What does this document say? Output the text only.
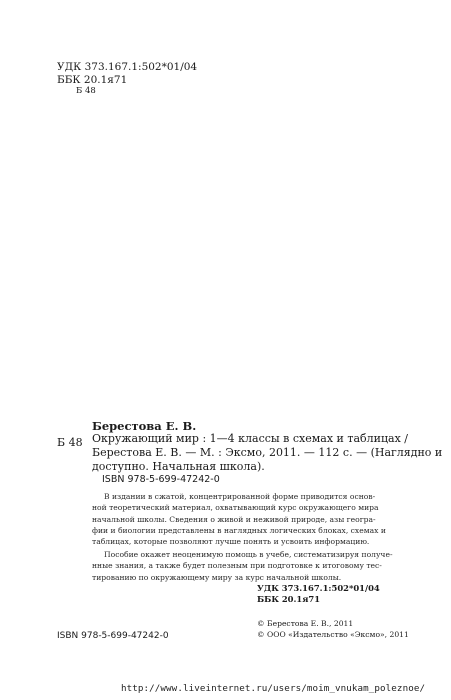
УДК 373.167.1:502*01/04
ББК 20.1я71
Б 48
Берестова Е. В.
Б 48 Окружающий мир : 1—4 классы в схемах и таблицах /
Берестова Е. В. — М. : Эксмо, 2011. — 112 с. — (Наглядно и
доступно. Начальная школа).
ISBN 978-5-699-47242-0
В издании в сжатой, концентрированной форме приводится основ-
ной теоретический материал, охватывающий курс окружающего мира
начальной школы. Сведения о живой и неживой природе, азы геогра-
фии и биологии представлены в наглядных логических блоках, схемах и
таблицах, которые позволяют лучше понять и усвоить информацию.
Пособие окажет неоценимую помощь в учебе, систематизируя получе-
нные знания, а также будет полезным при подготовке к итоговому тес-
тированию по окружающему миру за курс начальной школы.
УДК 373.167.1:502*01/04
ББК 20.1я71
© Берестова Е. В., 2011
© ООО «Издательство «Эксмо», 2011
ISBN 978-5-699-47242-0
http://www.liveinternet.ru/users/moim_vnukam_poleznoe/
